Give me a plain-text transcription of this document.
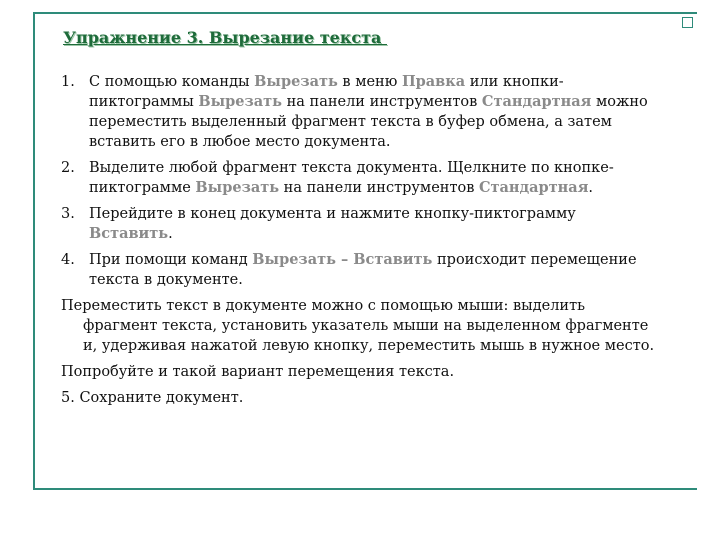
Упражнение 3. Вырезание текста
1. С помощью команды Вырезать в меню Правка или кнопки-пиктограммы Вырезать на панели инструментов Стандартная можно переместить выделенный фрагмент текста в буфер обмена, а затем вставить его в любое место документа.
2. Выделите любой фрагмент текста документа. Щелкните по кнопке-пиктограмме Вырезать на панели инструментов Стандартная.
3. Перейдите в конец документа и нажмите кнопку-пиктограмму Вставить.
4. При помощи команд Вырезать – Вставить происходит перемещение текста в документе.
Переместить текст в документе можно с помощью мыши: выделить фрагмент текста, установить указатель мыши на выделенном фрагменте и, удерживая нажатой левую кнопку, переместить мышь в нужное место.
Попробуйте и такой вариант перемещения текста.
5. Сохраните документ.
